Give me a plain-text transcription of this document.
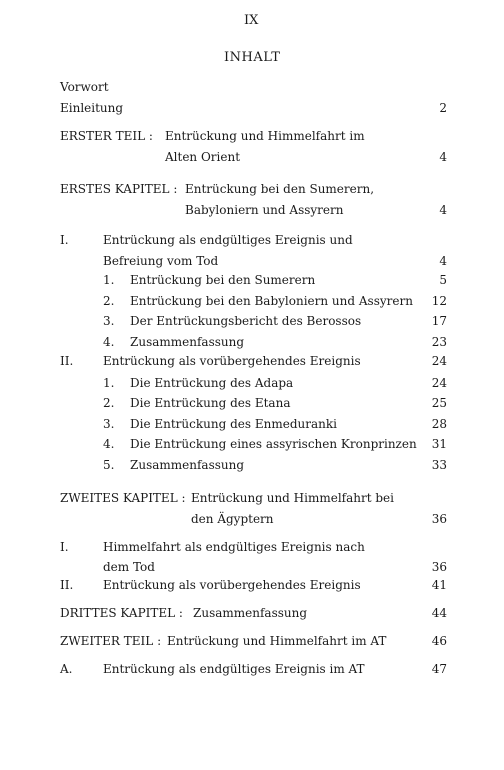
IX
INHALT
Vorwort
Einleitung	2
ERSTER TEIL : Entrückung und Himmelfahrt im
Alten Orient	4
ERSTES KAPITEL : Entrückung bei den Sumerern,
Babyloniern und Assyrern	4
I.	Entrückung als endgültiges Ereignis und
Befreiung vom Tod	4
1. Entrückung bei den Sumerern	5
2. Entrückung bei den Babyloniern und Assyrern 12
3. Der Entrückungsbericht des Berossos	17
4. Zusammenfassung	23
II. Entrückung als vorübergehendes Ereignis	24
1. Die Entrückung des Adapa	24
2. Die Entrückung des Etana	25
3. Die Entrückung des Enmeduranki	28
4. Die Entrückung eines assyrischen Kronprinzen 31
5. Zusammenfassung	33
ZWEITES KAPITEL : Entrückung und Himmelfahrt bei
den Ägyptern	36
I.	Himmelfahrt als endgültiges Ereignis nach
dem Tod	36
II. Entrückung als vorübergehendes Ereignis	41
DRITTES KAPITEL : Zusammenfassung	44
ZWEITER TEIL : Entrückung und Himmelfahrt im AT	46
A.	Entrückung als endgültiges Ereignis im AT	47
